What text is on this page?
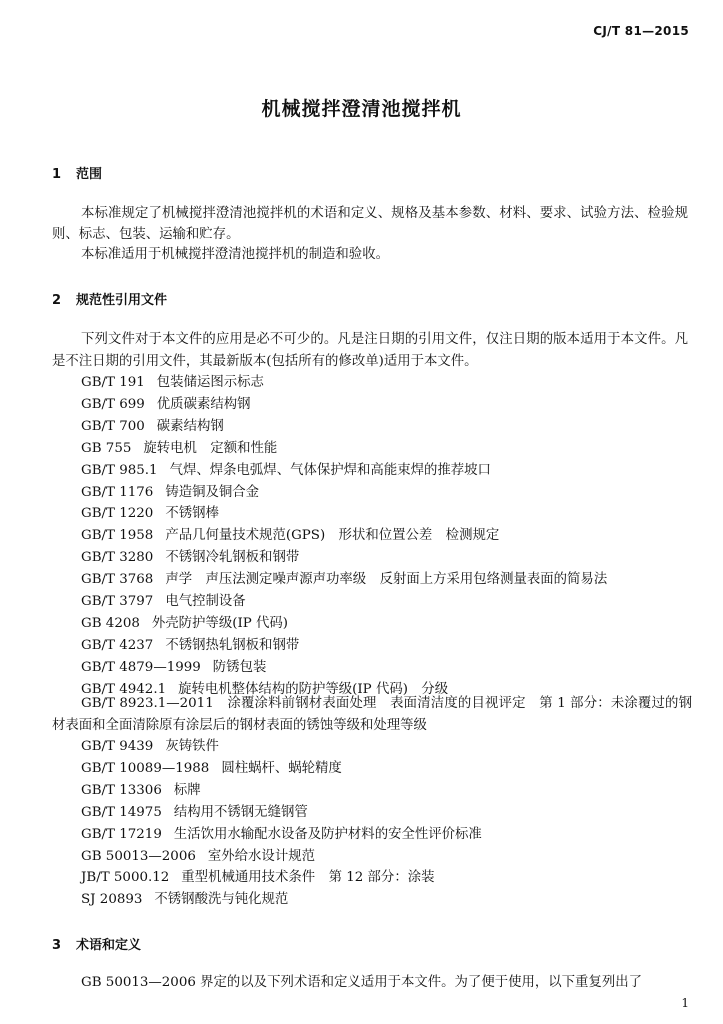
CJ/T 81—2015
机械搅拌澄清池搅拌机
1 范围
本标准规定了机械搅拌澄清池搅拌机的术语和定义、规格及基本参数、材料、要求、试验方法、检验规则、标志、包装、运输和贮存。
本标准适用于机械搅拌澄清池搅拌机的制造和验收。
2 规范性引用文件
下列文件对于本文件的应用是必不可少的。凡是注日期的引用文件，仅注日期的版本适用于本文件。凡是不注日期的引用文件，其最新版本(包括所有的修改单)适用于本文件。
GB/T 191 包装储运图示标志
GB/T 699 优质碳素结构钢
GB/T 700 碳素结构钢
GB 755 旋转电机　定额和性能
GB/T 985.1 气焊、焊条电弧焊、气体保护焊和高能束焊的推荐坡口
GB/T 1176 铸造铜及铜合金
GB/T 1220 不锈钢棒
GB/T 1958 产品几何量技术规范(GPS)　形状和位置公差　检测规定
GB/T 3280 不锈钢冷轧钢板和钢带
GB/T 3768 声学　声压法测定噪声源声功率级　反射面上方采用包络测量表面的简易法
GB/T 3797 电气控制设备
GB 4208 外壳防护等级(IP 代码)
GB/T 4237 不锈钢热轧钢板和钢带
GB/T 4879—1999 防锈包装
GB/T 4942.1 旋转电机整体结构的防护等级(IP 代码)　分级
GB/T 8923.1—2011　涂覆涂料前钢材表面处理　表面清洁度的目视评定　第 1 部分：未涂覆过的钢材表面和全面清除原有涂层后的钢材表面的锈蚀等级和处理等级
GB/T 9439 灰铸铁件
GB/T 10089—1988 圆柱蜗杆、蜗轮精度
GB/T 13306 标牌
GB/T 14975 结构用不锈钢无缝钢管
GB/T 17219 生活饮用水输配水设备及防护材料的安全性评价标准
GB 50013—2006 室外给水设计规范
JB/T 5000.12 重型机械通用技术条件　第 12 部分：涂装
SJ 20893 不锈钢酸洗与钝化规范
3 术语和定义
GB 50013—2006 界定的以及下列术语和定义适用于本文件。为了便于使用，以下重复列出了
1
